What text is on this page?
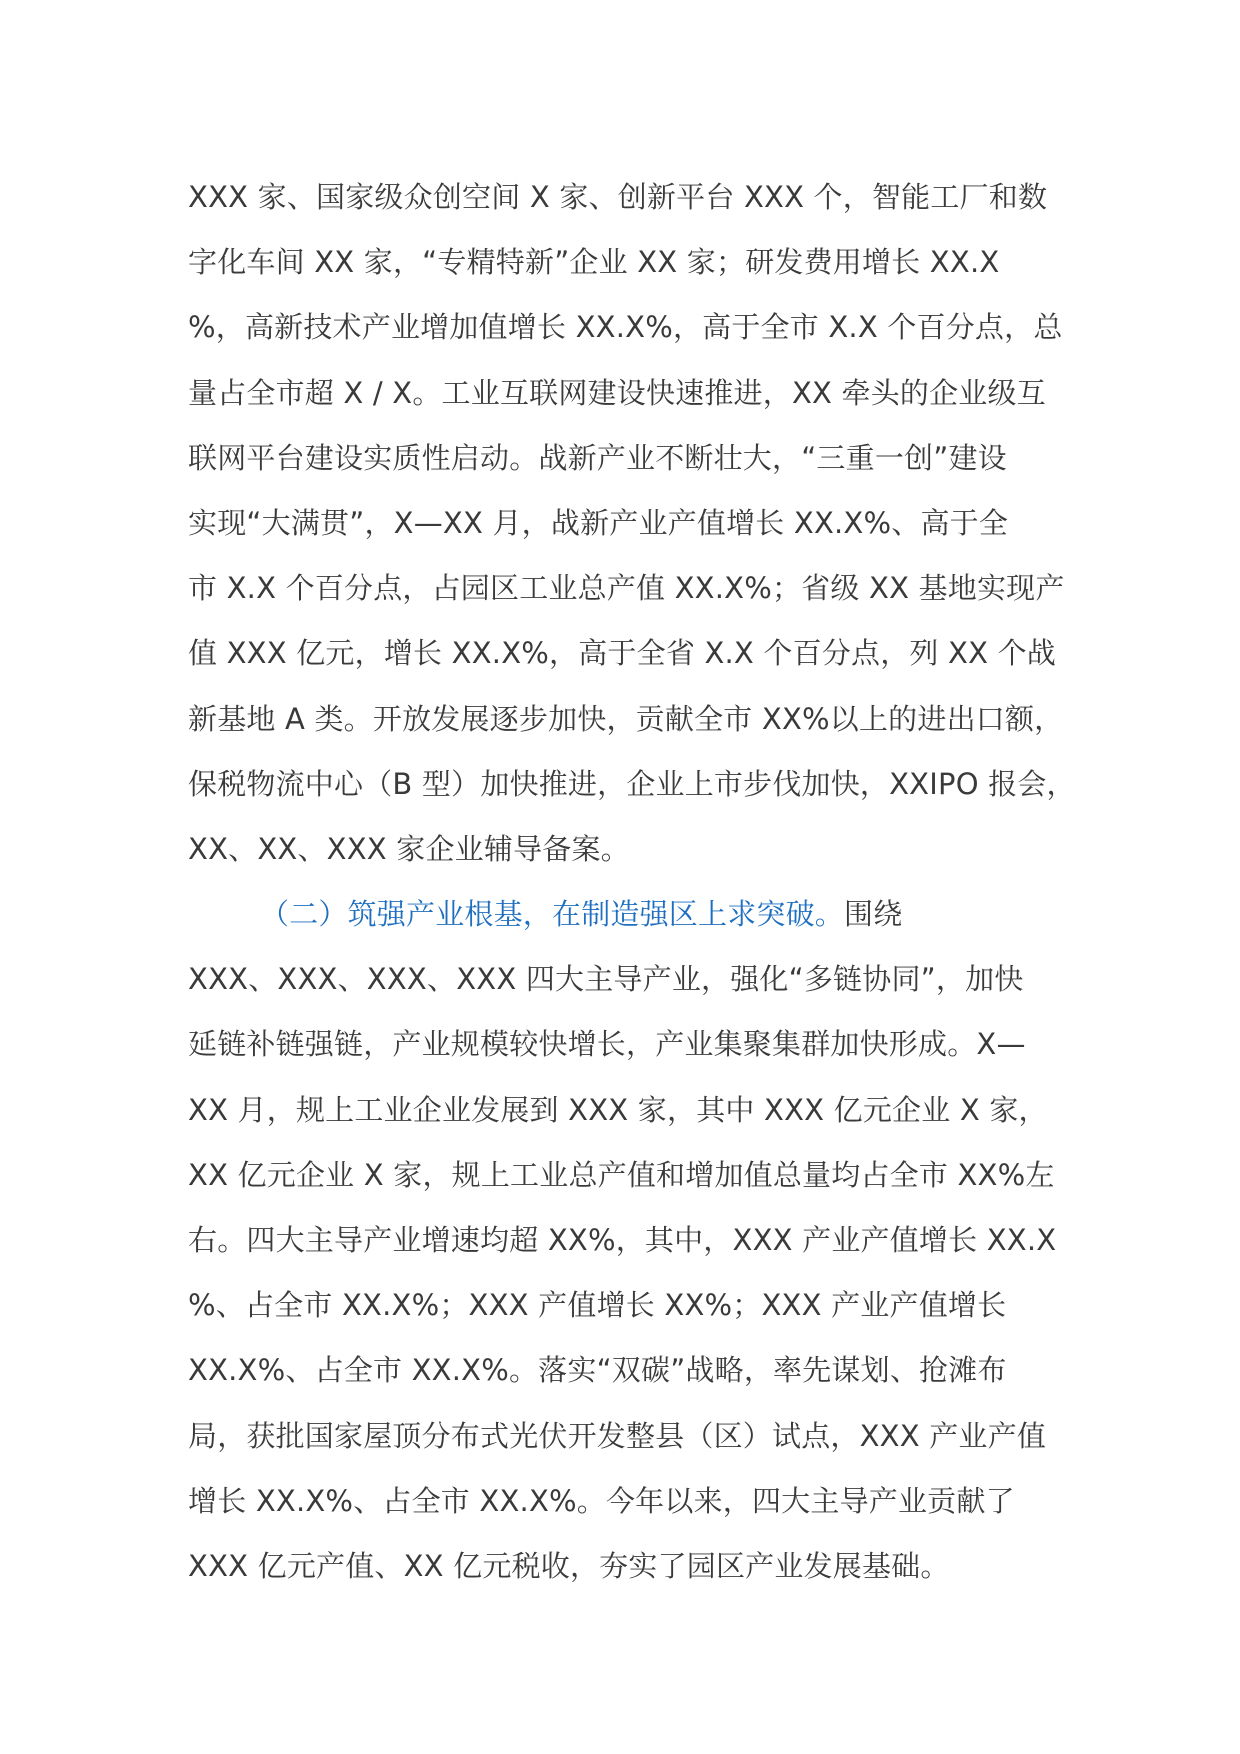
XXX 家、国家级众创空间 X 家、创新平台 XXX 个，智能工厂和数
字化车间 XX 家，“专精特新”企业 XX 家；研发费用增长 XX.X
%，高新技术产业增加值增长 XX.X%，高于全市 X.X 个百分点，总
量占全市超 X / X。工业互联网建设快速推进，XX 牵头的企业级互
联网平台建设实质性启动。战新产业不断壮大，“三重一创”建设
实现“大满贯”，X—XX 月，战新产业产值增长 XX.X%、高于全
市 X.X 个百分点，占园区工业总产值 XX.X%；省级 XX 基地实现产
值 XXX 亿元，增长 XX.X%，高于全省 X.X 个百分点，列 XX 个战
新基地 A 类。开放发展逐步加快，贡献全市 XX%以上的进出口额，
保税物流中心（B 型）加快推进，企业上市步伐加快，XXIPO 报会，
XX、XX、XXX 家企业辅导备案。
（二）筑强产业根基，在制造强区上求突破。围绕
XXX、XXX、XXX、XXX 四大主导产业，强化“多链协同”，加快
延链补链强链，产业规模较快增长，产业集聚集群加快形成。X—
XX 月，规上工业企业发展到 XXX 家，其中 XXX 亿元企业 X 家，
XX 亿元企业 X 家，规上工业总产值和增加值总量均占全市 XX%左
右。四大主导产业增速均超 XX%，其中，XXX 产业产值增长 XX.X
%、占全市 XX.X%；XXX 产值增长 XX%；XXX 产业产值增长
XX.X%、占全市 XX.X%。落实“双碳”战略，率先谋划、抢滩布
局，获批国家屋顶分布式光伏开发整县（区）试点，XXX 产业产值
增长 XX.X%、占全市 XX.X%。今年以来，四大主导产业贡献了
XXX 亿元产值、XX 亿元税收，夯实了园区产业发展基础。
